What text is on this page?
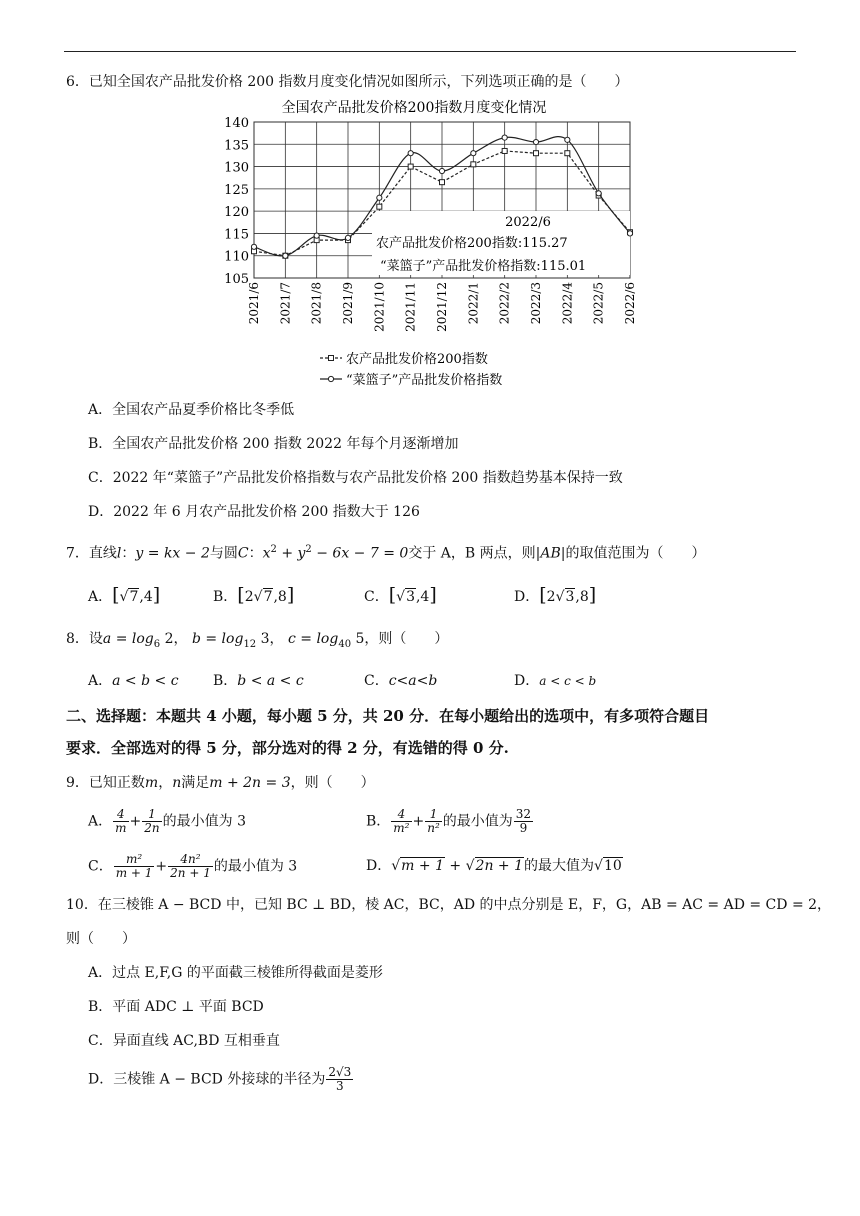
6．已知全国农产品批发价格 200 指数月度变化情况如图所示，下列选项正确的是（　　）
全国农产品批发价格200指数月度变化情况
105
110
115
120
125
130
135
140
2021/6 2021/7 2021/8 2021/9 2021/10 2021/11 2021/12 2022/1 2022/2 2022/3 2022/4 2022/5 2022/6
2022/6
农产品批发价格200指数:115.27
“菜篮子”产品批发价格指数:115.01
农产品批发价格200指数
“菜篮子”产品批发价格指数
A．全国农产品夏季价格比冬季低
B．全国农产品批发价格 200 指数 2022 年每个月逐渐增加
C．2022 年“菜篮子”产品批发价格指数与农产品批发价格 200 指数趋势基本保持一致
D．2022 年 6 月农产品批发价格 200 指数大于 126
7．直线l：y = kx − 2与圆C：$x^2 + y^2 - 6x - 7 = 0$交于 A，B 两点，则|AB|的取值范围为（　　）
A．[√7,4]	B．[2√7,8]	C．[√3,4]	D．[2√3,8]
8．设$a = \log_6 2$， $b = \log_{12} 3$， $c = \log_{40} 5$，则（　　）
A．a < b < c B．b < a < c	C．c<a<b	D．a < c < b
二、选择题：本题共 4 小题，每小题 5 分，共 20 分．在每小题给出的选项中，有多项符合题目
要求．全部选对的得 5 分，部分选对的得 2 分，有选错的得 0 分.
9．已知正数m，n满足m + 2n = 3，则（　　）
A． $\frac{4}{m} + \frac{1}{2n}$ 的最小值为 3	B． $\frac{4}{\text{m²}} + \frac{1}{\text{n²}}$ 的最小值为 $\frac{32}{9}$
C． $\frac{\text{m²}}{m + 1} + \frac{\text{4n²}}{2n + 1}$ 的最小值为 3	D．√m + 1 + √2n + 1的最大值为√10
10．在三棱锥 A − BCD 中，已知 BC ⊥ BD，棱 AC，BC，AD 的中点分别是 E，F，G，AB = AC = AD = CD = 2，
则（　　）
A．过点 E,F,G 的平面截三棱锥所得截面是菱形
B．平面 ADC ⊥ 平面 BCD
C．异面直线 AC,BD 互相垂直
D．三棱锥 A − BCD 外接球的半径为 $\frac{2√3}{3}$
